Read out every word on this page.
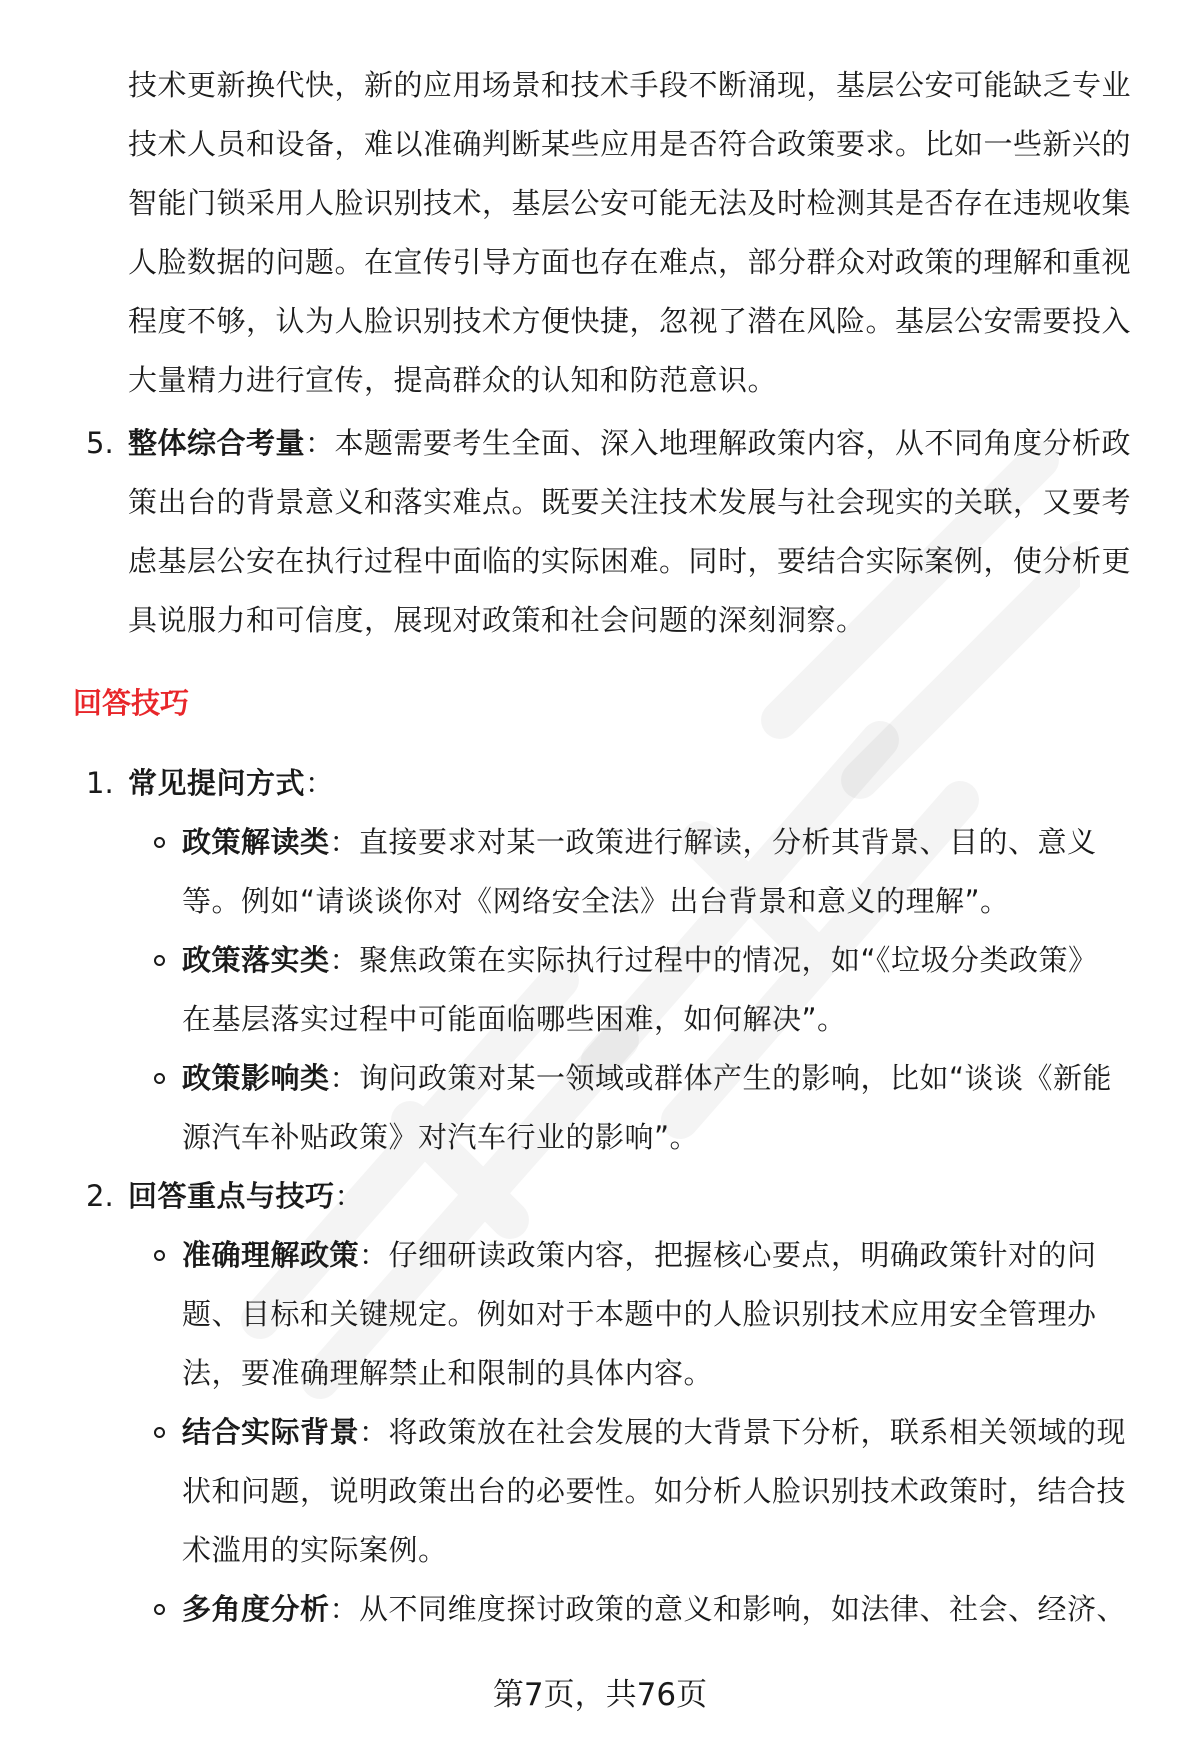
技术更新换代快，新的应用场景和技术手段不断涌现，基层公安可能缺乏专业
技术人员和设备，难以准确判断某些应用是否符合政策要求。比如一些新兴的
智能门锁采用人脸识别技术，基层公安可能无法及时检测其是否存在违规收集
人脸数据的问题。在宣传引导方面也存在难点，部分群众对政策的理解和重视
程度不够，认为人脸识别技术方便快捷，忽视了潜在风险。基层公安需要投入
大量精力进行宣传，提高群众的认知和防范意识。
5. 整体综合考量：本题需要考生全面、深入地理解政策内容，从不同角度分析政
策出台的背景意义和落实难点。既要关注技术发展与社会现实的关联，又要考
虑基层公安在执行过程中面临的实际困难。同时，要结合实际案例，使分析更
具说服力和可信度，展现对政策和社会问题的深刻洞察。
回答技巧
1. 常见提问方式：
政策解读类：直接要求对某一政策进行解读，分析其背景、目的、意义
等。例如“请谈谈你对《网络安全法》出台背景和意义的理解”。
政策落实类：聚焦政策在实际执行过程中的情况，如“《垃圾分类政策》
在基层落实过程中可能面临哪些困难，如何解决”。
政策影响类：询问政策对某一领域或群体产生的影响，比如“谈谈《新能
源汽车补贴政策》对汽车行业的影响”。
2. 回答重点与技巧：
准确理解政策：仔细研读政策内容，把握核心要点，明确政策针对的问
题、目标和关键规定。例如对于本题中的人脸识别技术应用安全管理办
法，要准确理解禁止和限制的具体内容。
结合实际背景：将政策放在社会发展的大背景下分析，联系相关领域的现
状和问题，说明政策出台的必要性。如分析人脸识别技术政策时，结合技
术滥用的实际案例。
多角度分析：从不同维度探讨政策的意义和影响，如法律、社会、经济、
第7页，共76页
